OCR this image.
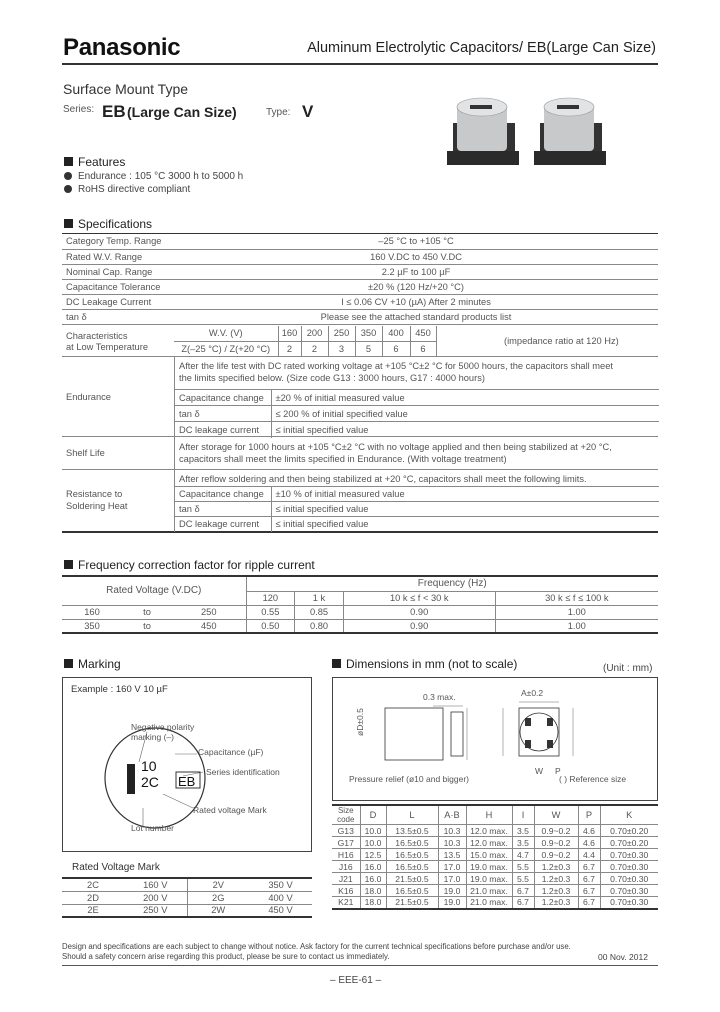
Panasonic	Aluminum Electrolytic Capacitors/ EB(Large Can Size)
Surface Mount Type
Series: EB (Large Can Size)	Type: V
Features
Endurance : 105 °C 3000 h to 5000 h
RoHS directive compliant
Specifications
Category Temp. Range	–25 °C to +105 °C
Rated W.V. Range	160 V.DC to 450 V.DC
Nominal Cap. Range	2.2 µF to 100 µF
Capacitance Tolerance	±20 % (120 Hz/+20 °C)
DC Leakage Current	I ≤ 0.06 CV +10 (µA) After 2 minutes
tan δ	Please see the attached standard products list
Characteristics
at Low Temperature
W.V. (V)	160	200	250	350	400	450
Z(–25 °C) / Z(+20 °C)	2	2	3	5	6	6
(impedance ratio at 120 Hz)
Endurance
After the life test with DC rated working voltage at +105 °C±2 °C for 5000 hours, the capacitors shall meet
the limits specified below. (Size code G13 : 3000 hours, G17 : 4000 hours)
Capacitance change	±20 % of initial measured value
tan δ	≤ 200 % of initial specified value
DC leakage current	≤ initial specified value
Shelf Life
After storage for 1000 hours at +105 °C±2 °C with no voltage applied and then being stabilized at +20 °C,
capacitors shall meet the limits specified in Endurance. (With voltage treatment)
Resistance to
Soldering Heat
After reflow soldering and then being stabilized at +20 °C, capacitors shall meet the following limits.
Capacitance change	±10 % of initial measured value
tan δ	≤ initial specified value
DC leakage current	≤ initial specified value
Frequency correction factor for ripple current
Rated Voltage (V.DC)			Frequency (Hz)			
			120	1 k	10 k ≤ f < 30 k	30 k ≤ f ≤ 100 k
160	to	250	0.55	0.85	0.90	1.00
350	to	450	0.50	0.80	0.90	1.00
Marking
Example : 160 V 10 µF
Negative polarity
marking (–)
Capacitance (µF)
Series identification
Rated voltage Mark
Lot number
10
2C EB
Rated Voltage Mark
2C	160 V	2V	350 V
2D	200 V	2G	400 V
2E	250 V	2W	450 V
Dimensions in mm (not to scale)	(Unit : mm)
0.3 max.	A±0.2
øD±0.5
Pressure relief (ø10 and bigger)	( ) Reference size
W P
Size code	D	L	A·B	H	I	W	P	K
G13	10.0	13.5±0.5	10.3	12.0 max.	3.5	0.9~0.2	4.6	0.70±0.20
G17	10.0	16.5±0.5	10.3	12.0 max.	3.5	0.9~0.2	4.6	0.70±0.20
H16	12.5	16.5±0.5	13.5	15.0 max.	4.7	0.9~0.2	4.4	0.70±0.30
J16	16.0	16.5±0.5	17.0	19.0 max.	5.5	1.2±0.3	6.7	0.70±0.30
J21	16.0	21.5±0.5	17.0	19.0 max.	5.5	1.2±0.3	6.7	0.70±0.30
K16	18.0	16.5±0.5	19.0	21.0 max.	6.7	1.2±0.3	6.7	0.70±0.30
K21	18.0	21.5±0.5	19.0	21.0 max.	6.7	1.2±0.3	6.7	0.70±0.30
Design and specifications are each subject to change without notice. Ask factory for the current technical specifications before purchase and/or use.
Should a safety concern arise regarding this product, please be sure to contact us immediately.	00 Nov. 2012
– EEE-61 –
